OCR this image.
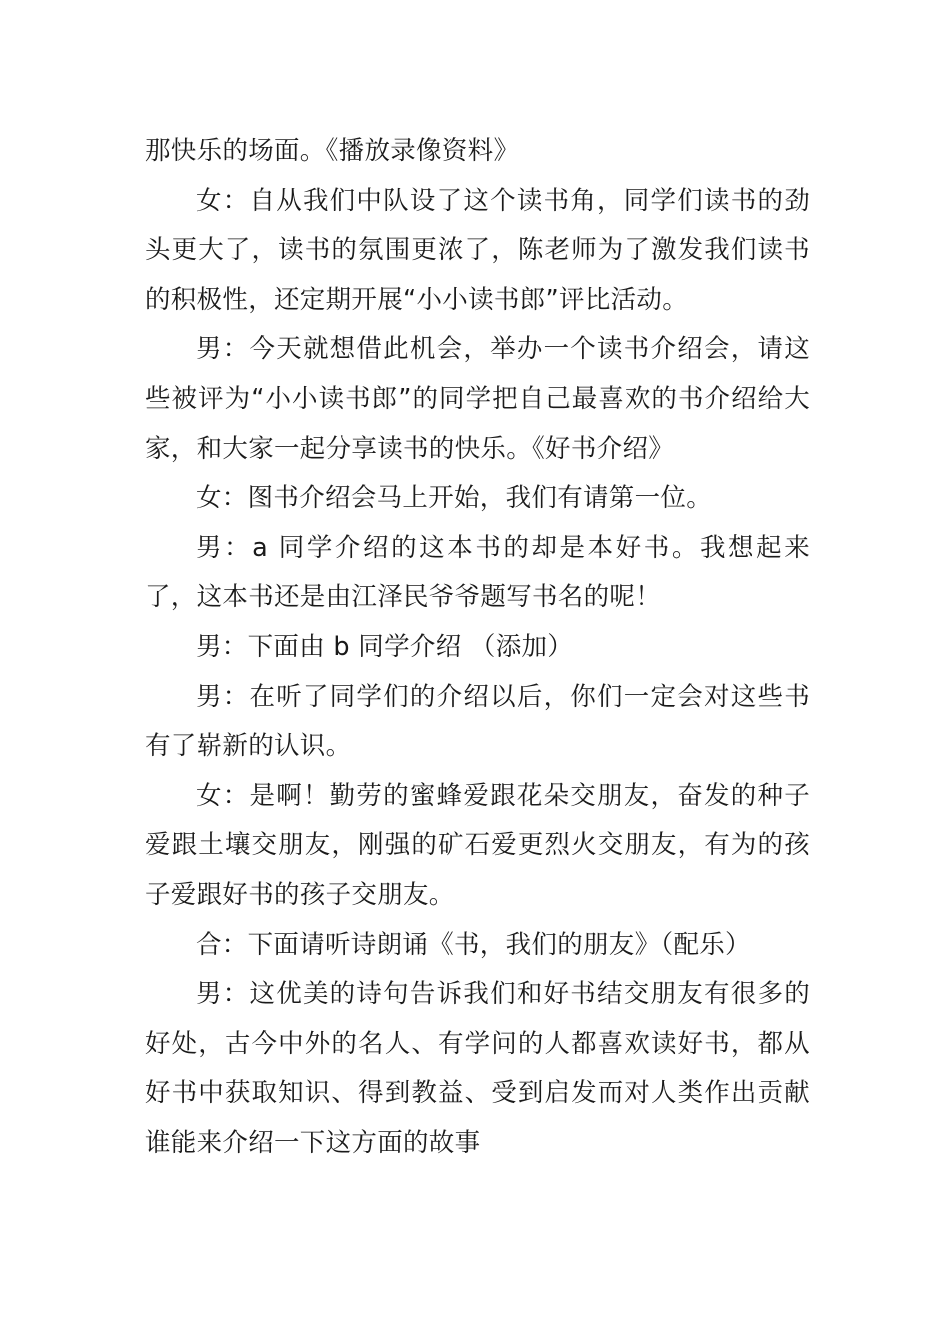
那快乐的场面。《播放录像资料》

女：自从我们中队设了这个读书角，同学们读书的劲头更大了，读书的氛围更浓了，陈老师为了激发我们读书的积极性，还定期开展“小小读书郎”评比活动。

男：今天就想借此机会，举办一个读书介绍会，请这些被评为“小小读书郎”的同学把自己最喜欢的书介绍给大家，和大家一起分享读书的快乐。《好书介绍》

女：图书介绍会马上开始，我们有请第一位。

男：a 同学介绍的这本书的却是本好书。我想起来了，这本书还是由江泽民爷爷题写书名的呢！

男：下面由 b 同学介绍 （添加）

男：在听了同学们的介绍以后，你们一定会对这些书有了崭新的认识。

女：是啊！勤劳的蜜蜂爱跟花朵交朋友，奋发的种子爱跟土壤交朋友，刚强的矿石爱更烈火交朋友，有为的孩子爱跟好书的孩子交朋友。

合：下面请听诗朗诵《书，我们的朋友》（配乐）

男：这优美的诗句告诉我们和好书结交朋友有很多的好处，古今中外的名人、有学问的人都喜欢读好书，都从好书中获取知识、得到教益、受到启发而对人类作出贡献谁能来介绍一下这方面的故事
